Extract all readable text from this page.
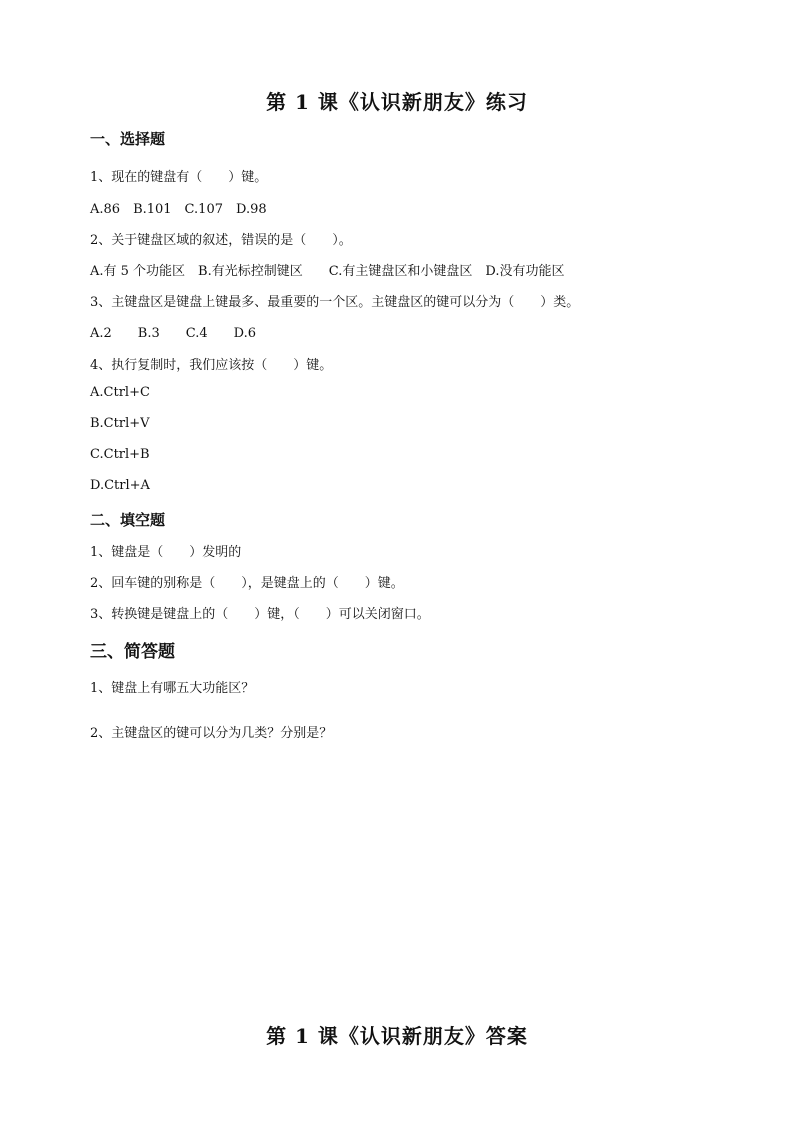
第 1 课《认识新朋友》练习
一、选择题
1、现在的键盘有（　　）键。
A.86　B.101　C.107　D.98
2、关于键盘区域的叙述，错误的是（　　）。
A.有 5 个功能区　B.有光标控制键区　　C.有主键盘区和小键盘区　D.没有功能区
3、主键盘区是键盘上键最多、最重要的一个区。主键盘区的键可以分为（　　）类。
A.2　　B.3　　C.4　　D.6
4、执行复制时，我们应该按（　　）键。
A.Ctrl+C
B.Ctrl+V
C.Ctrl+B
D.Ctrl+A
二、填空题
1、键盘是（　　）发明的
2、回车键的别称是（　　），是键盘上的（　　）键。
3、转换键是键盘上的（　　）键，（　　）可以关闭窗口。
三、简答题
1、键盘上有哪五大功能区？
2、主键盘区的键可以分为几类？分别是？
第 1 课《认识新朋友》答案
